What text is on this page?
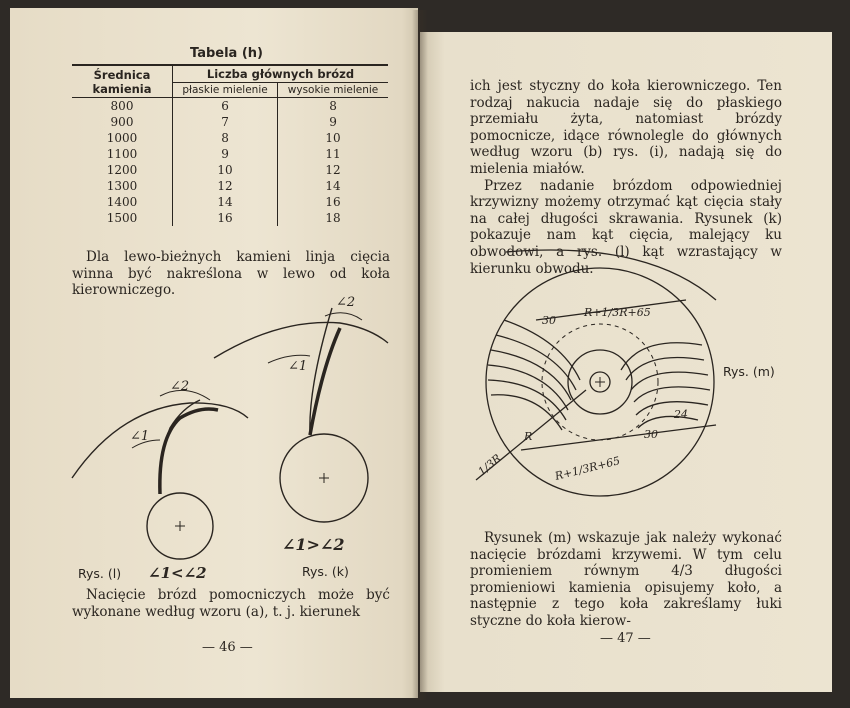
Tabela (h)
Średnica kamienia	Liczba głównych brózd	
	płaskie mielenie	wysokie mielenie
800	6	8
900	7	9
1000	8	10
1100	9	11
1200	10	12
1300	12	14
1400	14	16
1500	16	18

Dla lewo-bieżnych kamieni linja cięcia winna być nakreślona w lewo od koła kierowniczego.

∠1
∠2
∠1
∠2
∠1>∠2
Rys. (l) ∠1<∠2	Rys. (k)

Nacięcie brózd pomocniczych może być wykonane według wzoru (a), t. j. kierunek

— 46 —

ich jest styczny do koła kierowniczego. Ten rodzaj nakucia nadaje się do płaskiego przemiału żyta, natomiast brózdy pomocnicze, idące równolegle do głównych według wzoru (b) rys. (i), nadają się do mielenia miałów.

Przez nadanie brózdom odpowiedniej krzywizny możemy otrzymać kąt cięcia stały na całej długości skrawania. Rysunek (k) pokazuje nam kąt cięcia, malejący ku obwodowi, a rys. (l) kąt wzrastający w kierunku obwodu.

R+1/3R+65
R+1/3R+65
R
1/3R
30
30
24
Rys. (m)

Rysunek (m) wskazuje jak należy wykonać nacięcie brózdami krzywemi. W tym celu promieniem równym 4/3 długości promieniowi kamienia opisujemy koło, a następnie z tego koła zakreślamy łuki styczne do koła kierow-

— 47 —
